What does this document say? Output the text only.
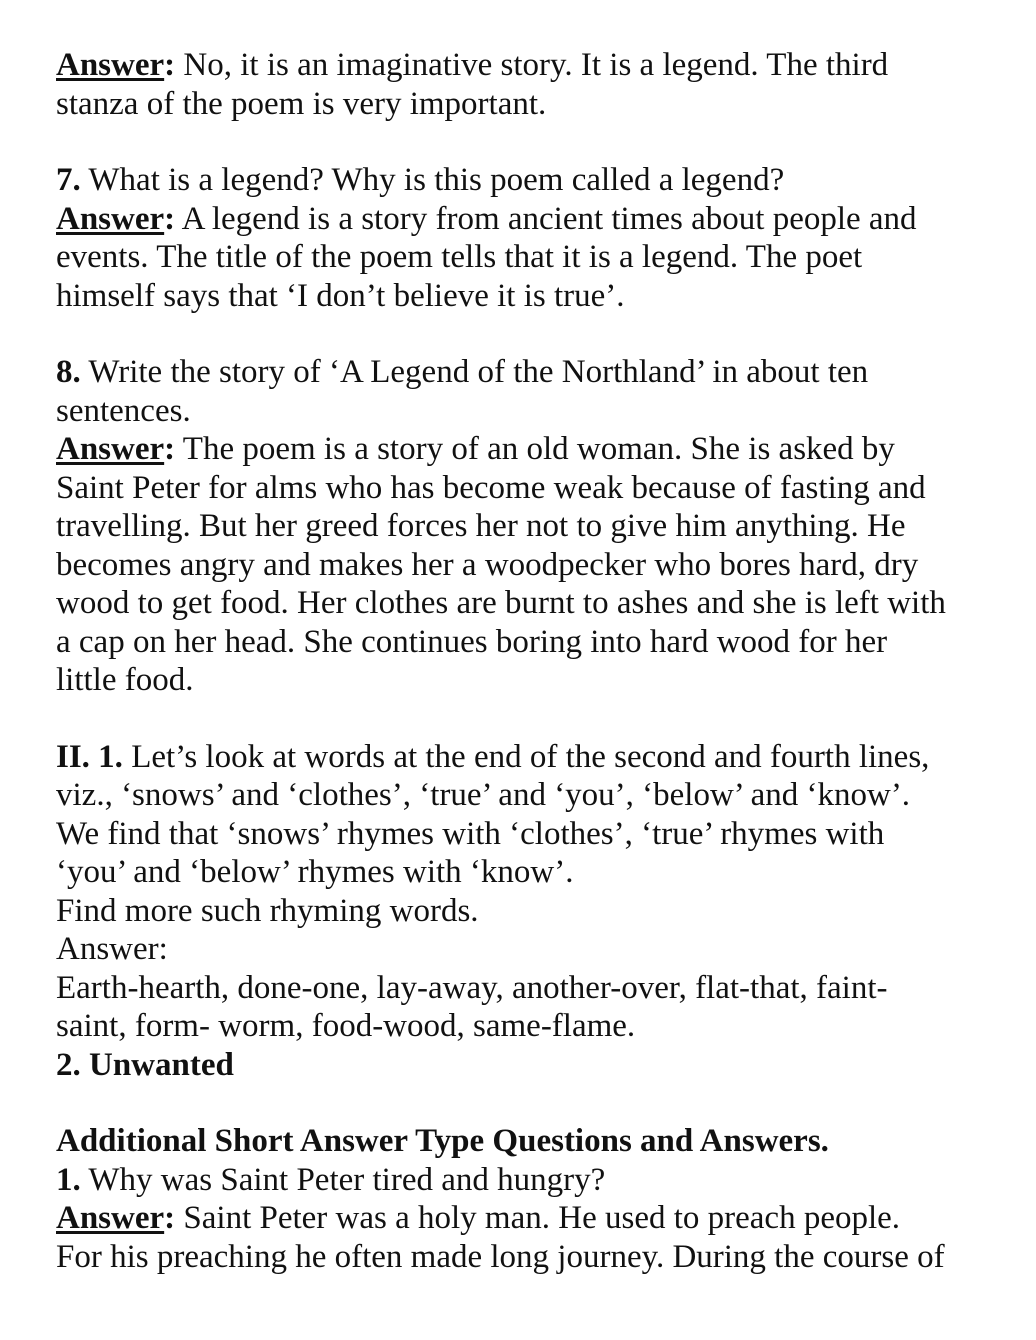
Answer: No, it is an imaginative story. It is a legend. The third
stanza of the poem is very important.
7. What is a legend? Why is this poem called a legend?
Answer: A legend is a story from ancient times about people and
events. The title of the poem tells that it is a legend. The poet
himself says that ‘I don’t believe it is true’.
8. Write the story of ‘A Legend of the Northland’ in about ten
sentences.
Answer: The poem is a story of an old woman. She is asked by
Saint Peter for alms who has become weak because of fasting and
travelling. But her greed forces her not to give him anything. He
becomes angry and makes her a woodpecker who bores hard, dry
wood to get food. Her clothes are burnt to ashes and she is left with
a cap on her head. She continues boring into hard wood for her
little food.
II. 1. Let’s look at words at the end of the second and fourth lines,
viz., ‘snows’ and ‘clothes’, ‘true’ and ‘you’, ‘below’ and ‘know’.
We find that ‘snows’ rhymes with ‘clothes’, ‘true’ rhymes with
‘you’ and ‘below’ rhymes with ‘know’.
Find more such rhyming words.
Answer:
Earth-hearth, done-one, lay-away, another-over, flat-that, faint-
saint, form- worm, food-wood, same-flame.
2. Unwanted
Additional Short Answer Type Questions and Answers.
1. Why was Saint Peter tired and hungry?
Answer: Saint Peter was a holy man. He used to preach people.
For his preaching he often made long journey. During the course of
